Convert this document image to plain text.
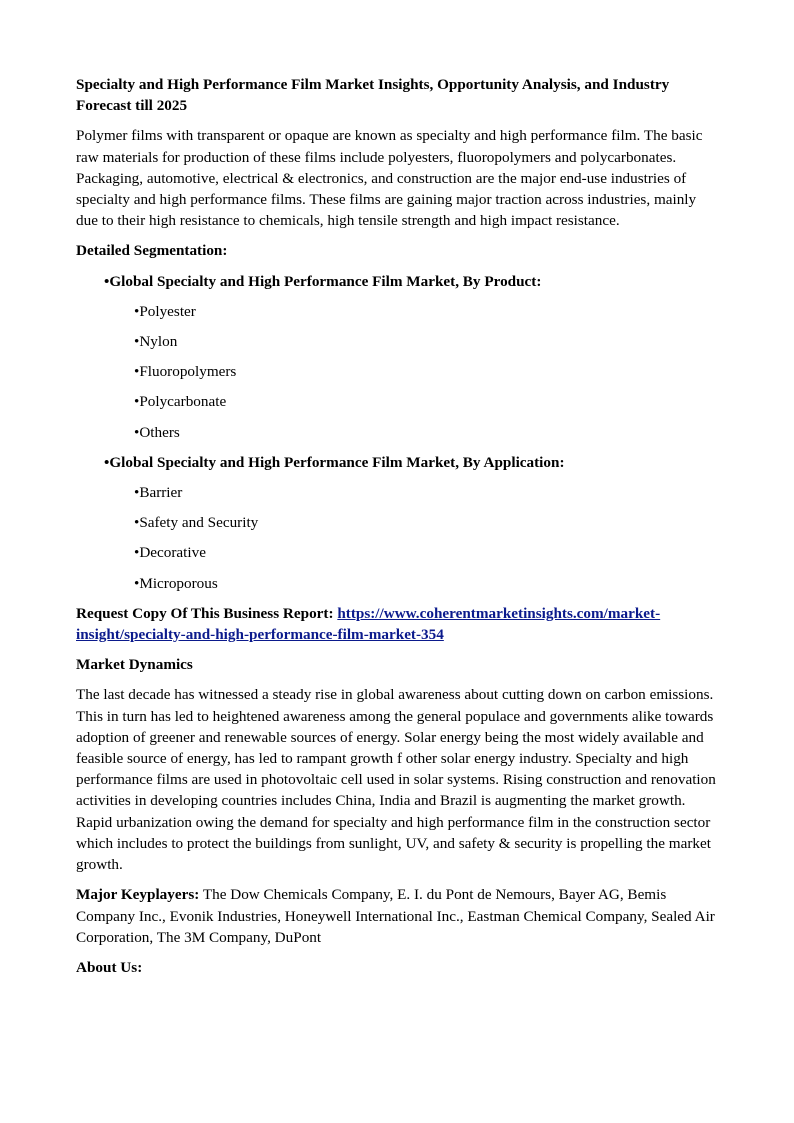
Specialty and High Performance Film Market Insights, Opportunity Analysis, and Industry Forecast till 2025

Polymer films with transparent or opaque are known as specialty and high performance film. The basic raw materials for production of these films include polyesters, fluoropolymers and polycarbonates. Packaging, automotive, electrical & electronics, and construction are the major end-use industries of specialty and high performance films. These films are gaining major traction across industries, mainly due to their high resistance to chemicals, high tensile strength and high impact resistance.

Detailed Segmentation:

•Global Specialty and High Performance Film Market, By Product:

•Polyester

•Nylon

•Fluoropolymers

•Polycarbonate

•Others

•Global Specialty and High Performance Film Market, By Application:

•Barrier

•Safety and Security

•Decorative

•Microporous

Request Copy Of This Business Report: https://www.coherentmarketinsights.com/market-insight/specialty-and-high-performance-film-market-354

Market Dynamics

The last decade has witnessed a steady rise in global awareness about cutting down on carbon emissions. This in turn has led to heightened awareness among the general populace and governments alike towards adoption of greener and renewable sources of energy. Solar energy being the most widely available and feasible source of energy, has led to rampant growth f other solar energy industry. Specialty and high performance films are used in photovoltaic cell used in solar systems. Rising construction and renovation activities in developing countries includes China, India and Brazil is augmenting the market growth. Rapid urbanization owing the demand for specialty and high performance film in the construction sector which includes to protect the buildings from sunlight, UV, and safety & security is propelling the market growth.

Major Keyplayers: The Dow Chemicals Company, E. I. du Pont de Nemours, Bayer AG, Bemis Company Inc., Evonik Industries, Honeywell International Inc., Eastman Chemical Company, Sealed Air Corporation, The 3M Company, DuPont

About Us:
